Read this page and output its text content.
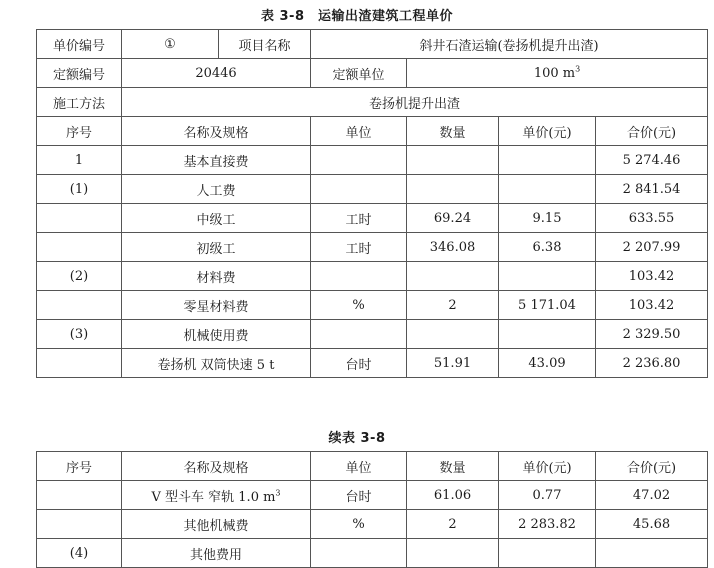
表 3-8　运输出渣建筑工程单价
单价编号	①	项目名称	斜井石渣运输(卷扬机提升出渣)			
定额编号	20446		定额单位	100 $m^3$
施工方法	卷扬机提升出渣					
序号	名称及规格		单位	数量	单价(元)	合价(元)
1	基本直接费					5 274.46
(1)	人工费					2 841.54
	中级工		工时	69.24	9.15	633.55
	初级工		工时	346.08	6.38	2 207.99
(2)	材料费					103.42
	零星材料费		%	2	5 171.04	103.42
(3)	机械使用费					2 329.50
	卷扬机 双筒快速 5 t		台时	51.91	43.09	2 236.80
续表 3-8
序号	名称及规格	单位	数量	单价(元)	合价(元)
	V 型斗车 窄轨 1.0 $m^3$	台时	61.06	0.77	47.02
	其他机械费	%	2	2 283.82	45.68
(4)	其他费用				
